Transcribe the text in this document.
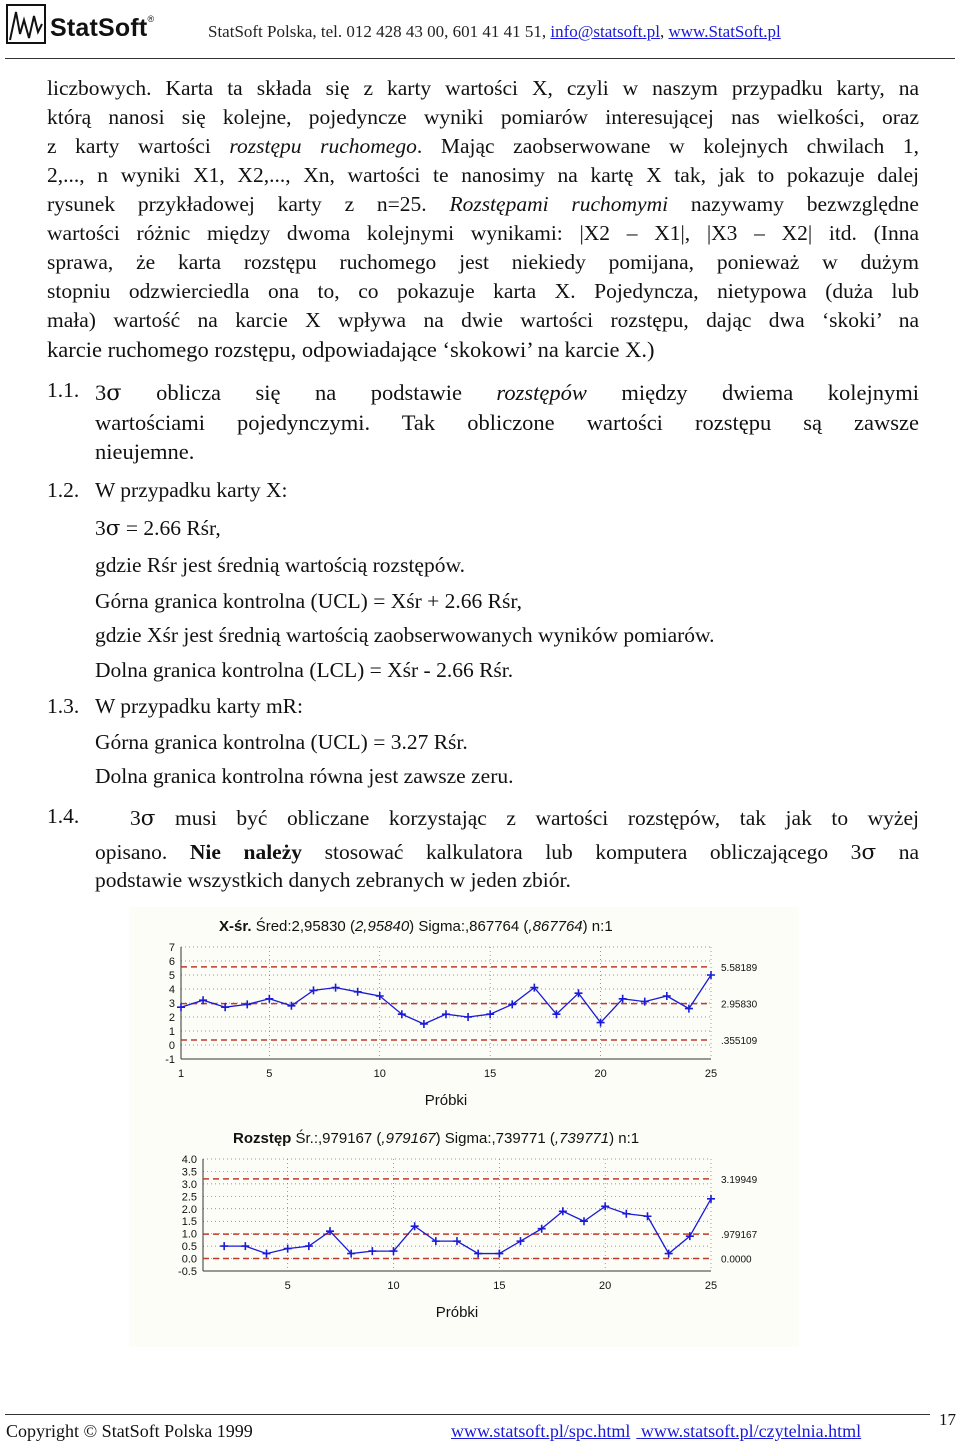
StatSoft®
StatSoft Polska, tel. 012 428 43 00, 601 41 41 51, info@statsoft.pl, www.StatSoft.pl
liczbowych. Karta ta składa się z karty wartości X, czyli w naszym przypadku karty, na
którą nanosi się kolejne, pojedyncze wyniki pomiarów interesującej nas wielkości, oraz
z karty wartości rozstępu ruchomego. Mając zaobserwowane w kolejnych chwilach 1,
2,..., n wyniki X1, X2,..., Xn, wartości te nanosimy na kartę X tak, jak to pokazuje dalej
rysunek przykładowej karty z n=25. Rozstępami ruchomymi nazywamy bezwzględne
wartości różnic między dwoma kolejnymi wynikami: |X2 – X1|, |X3 – X2| itd. (Inna
sprawa, że karta rozstępu ruchomego jest niekiedy pomijana, ponieważ w dużym
stopniu odzwierciedla ona to, co pokazuje karta X. Pojedyncza, nietypowa (duża lub
mała) wartość na karcie X wpływa na dwie wartości rozstępu, dając dwa ‘skoki’ na
karcie ruchomego rozstępu, odpowiadające ‘skokowi’ na karcie X.)
1.1. 3σ oblicza się na podstawie rozstępów między dwiema kolejnymi
wartościami pojedynczymi. Tak obliczone wartości rozstępu są zawsze
nieujemne.
1.2. W przypadku karty X:
3σ = 2.66 Rśr,
gdzie Rśr jest średnią wartością rozstępów.
Górna granica kontrolna (UCL) = Xśr + 2.66 Rśr,
gdzie Xśr jest średnią wartością zaobserwowanych wyników pomiarów.
Dolna granica kontrolna (LCL) = Xśr - 2.66 Rśr.
1.3. W przypadku karty mR:
Górna granica kontrolna (UCL) = 3.27 Rśr.
Dolna granica kontrolna równa jest zawsze zeru.
1.4. 3σ musi być obliczane korzystając z wartości rozstępów, tak jak to wyżej
opisano. Nie należy stosować kalkulatora lub komputera obliczającego 3σ na
podstawie wszystkich danych zebranych w jeden zbiór.
X-śr. Śred:2,95830 (2,95840) Sigma:,867764 (,867764) n:1
7
6
5
4
3
2
1
0
-1
1	5	10	15	20	25
5.58189
2.95830
.355109
Próbki
Rozstęp Śr.:,979167 (,979167) Sigma:,739771 (,739771) n:1
4.0
3.5
3.0
2.5
2.0
1.5
1.0
0.5
0.0
-0.5
5	10	15	20	25
3.19949
.979167
0.0000
Próbki
Copyright © StatSoft Polska 1999	www.statsoft.pl/spc.html www.statsoft.pl/czytelnia.html
17
